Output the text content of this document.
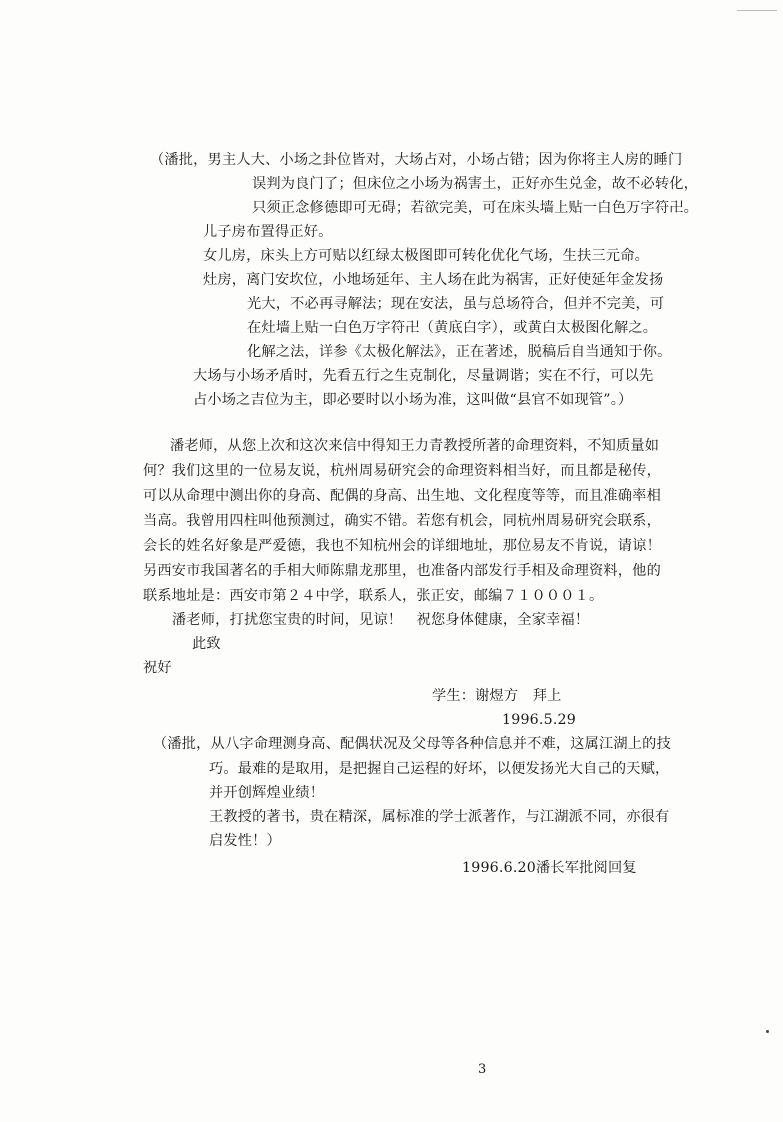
（潘批，男主人大、小场之卦位皆对，大场占对，小场占错；因为你将主人房的睡门
误判为良门了；但床位之小场为祸害土，正好亦生兑金，故不必转化，
只须正念修德即可无碍；若欲完美，可在床头墙上贴一白色万字符卍。
儿子房布置得正好。
女儿房，床头上方可贴以红绿太极图即可转化优化气场，生扶三元命。
灶房，离门安坎位，小地场延年、主人场在此为祸害，正好使延年金发扬
光大，不必再寻解法；现在安法，虽与总场符合，但并不完美，可
在灶墙上贴一白色万字符卍（黄底白字），或黄白太极图化解之。
化解之法，详参《太极化解法》，正在著述，脱稿后自当通知于你。
大场与小场矛盾时，先看五行之生克制化，尽量调谐；实在不行，可以先
占小场之吉位为主，即必要时以小场为准，这叫做“县官不如现管”。）
潘老师，从您上次和这次来信中得知王力青教授所著的命理资料，不知质量如
何？我们这里的一位易友说，杭州周易研究会的命理资料相当好，而且都是秘传，
可以从命理中测出你的身高、配偶的身高、出生地、文化程度等等，而且准确率相
当高。我曾用四柱叫他预测过，确实不错。若您有机会，同杭州周易研究会联系，
会长的姓名好象是严爱德，我也不知杭州会的详细地址，那位易友不肯说，请谅！
另西安市我国著名的手相大师陈鼎龙那里，也准备内部发行手相及命理资料，他的
联系地址是：西安市第２４中学，联系人，张正安，邮编７１０００１。
潘老师，打扰您宝贵的时间，见谅！　祝您身体健康，全家幸福！
此致
祝好
学生：谢煜方　拜上
1996.5.29
（潘批，从八字命理测身高、配偶状况及父母等各种信息并不难，这属江湖上的技
巧。最难的是取用，是把握自己运程的好坏，以便发扬光大自己的天赋，
并开创辉煌业绩！
王教授的著书，贵在精深，属标准的学士派著作，与江湖派不同，亦很有
启发性！）
1996.6.20潘长军批阅回复
3
